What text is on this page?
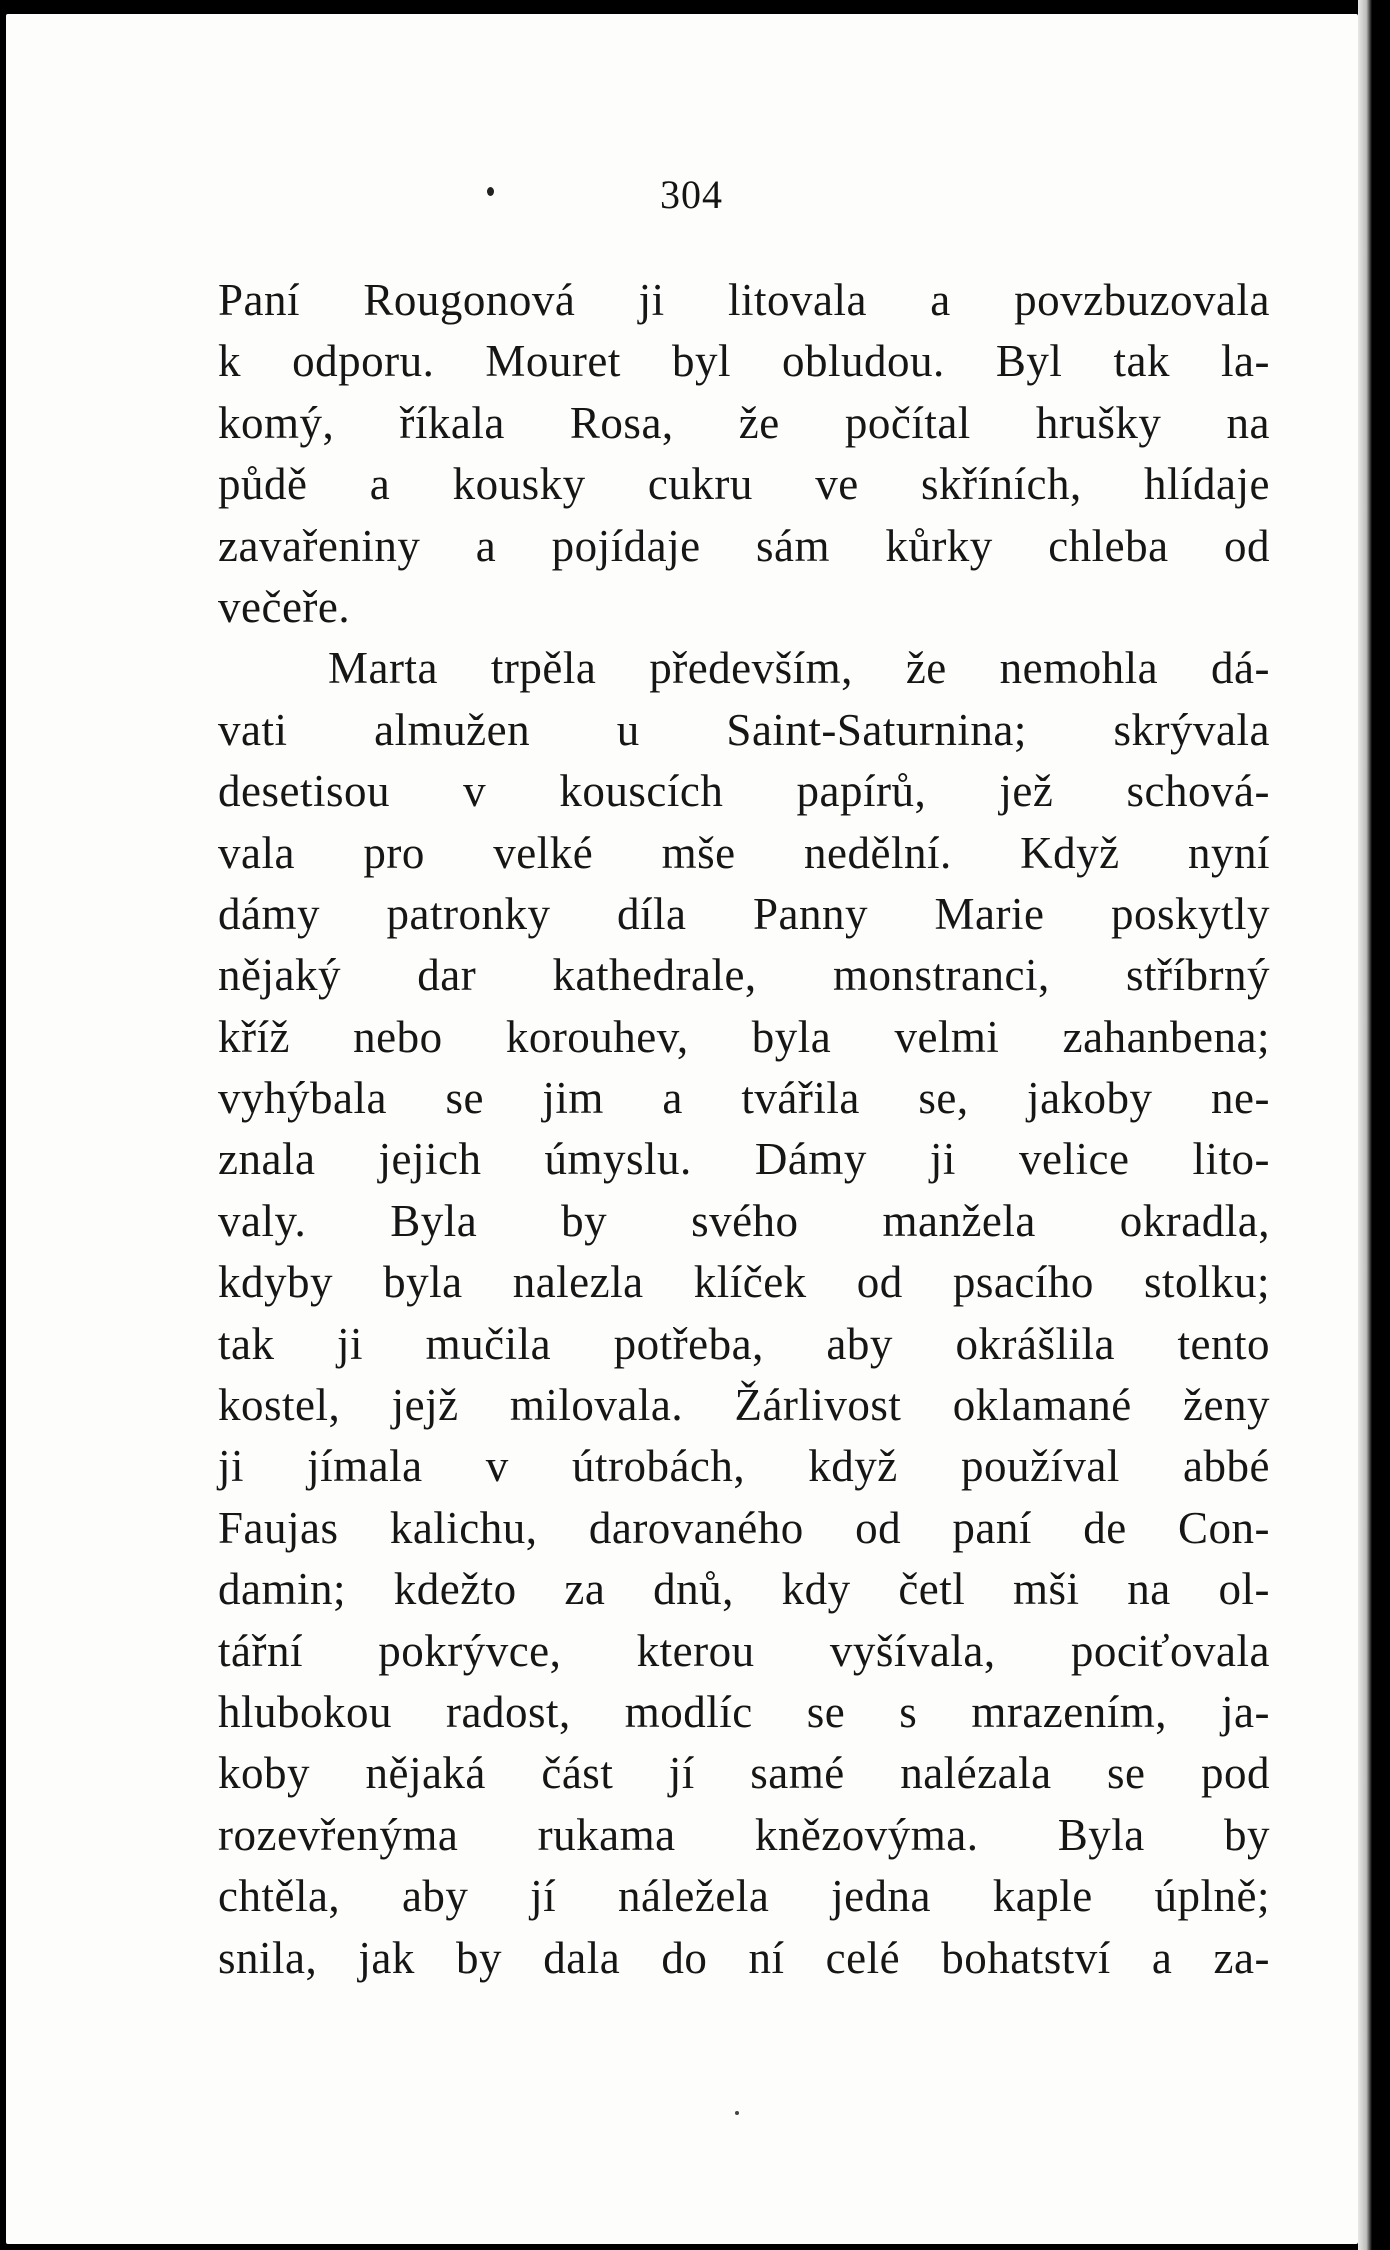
304
Paní Rougonová ji litovala a povzbuzovala
k odporu. Mouret byl obludou. Byl tak la-
komý, říkala Rosa, že počítal hrušky na
půdě a kousky cukru ve skříních, hlídaje
zavařeniny a pojídaje sám kůrky chleba od
večeře.
Marta trpěla především, že nemohla dá-
vati almužen u Saint-Saturnina; skrývala
desetisou v kouscích papírů, jež schová-
vala pro velké mše nedělní. Když nyní
dámy patronky díla Panny Marie poskytly
nějaký dar kathedrale, monstranci, stříbrný
kříž nebo korouhev, byla velmi zahanbena;
vyhýbala se jim a tvářila se, jakoby ne-
znala jejich úmyslu. Dámy ji velice lito-
valy. Byla by svého manžela okradla,
kdyby byla nalezla klíček od psacího stolku;
tak ji mučila potřeba, aby okrášlila tento
kostel, jejž milovala. Žárlivost oklamané ženy
ji jímala v útrobách, když používal abbé
Faujas kalichu, darovaného od paní de Con-
damin; kdežto za dnů, kdy četl mši na ol-
tářní pokrývce, kterou vyšívala, pociťovala
hlubokou radost, modlíc se s mrazením, ja-
koby nějaká část jí samé nalézala se pod
rozevřenýma rukama knězovýma. Byla by
chtěla, aby jí náležela jedna kaple úplně;
snila, jak by dala do ní celé bohatství a za-
